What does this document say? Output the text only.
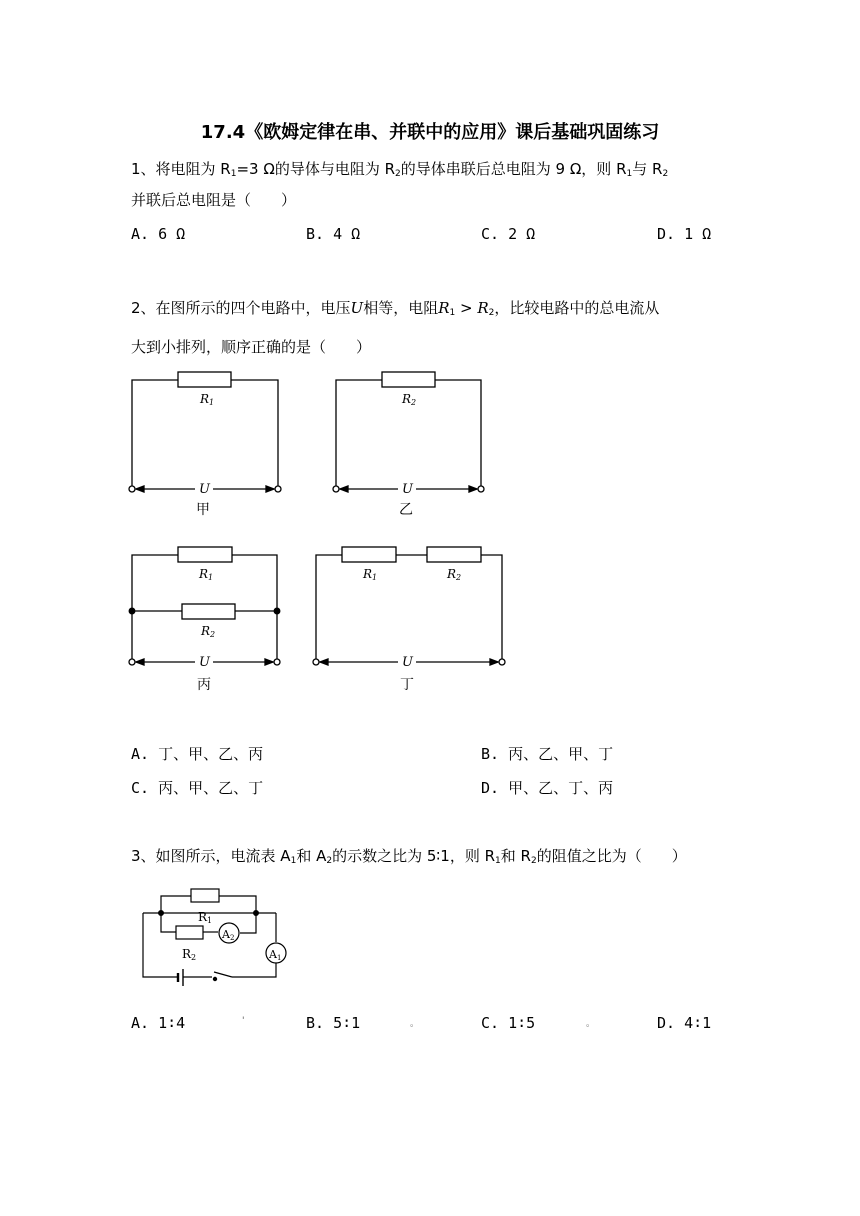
17.4《欧姆定律在串、并联中的应用》课后基础巩固练习
1、将电阻为 $R_1=3$ Ω的导体与电阻为 $R_2$的导体串联后总电阻为 9 Ω，则 $R_1$与 $R_2$
并联后总电阻是（　　）
A. 6 Ω	B. 4 Ω	C. 2 Ω	D. 1 Ω
2、在图所示的四个电路中，电压U相等，电阻$R_1 > R_2$，比较电路中的总电流从
大到小排列，顺序正确的是（　　）
R1
U
甲
R2
U
乙
R1
R2
U
丙
R1	R2
U
丁
R1
R2
A2
A1
A. 丁、甲、乙、丙	B. 丙、乙、甲、丁
C. 丙、甲、乙、丁	D. 甲、乙、丁、丙
3、如图所示，电流表 $A_1$和 $A_2$的示数之比为 5∶1，则 $R_1$和 $R_2$的阻值之比为（　　）
A. 1∶4	'	B. 5∶1	。	C. 1∶5	。	D. 4∶1
